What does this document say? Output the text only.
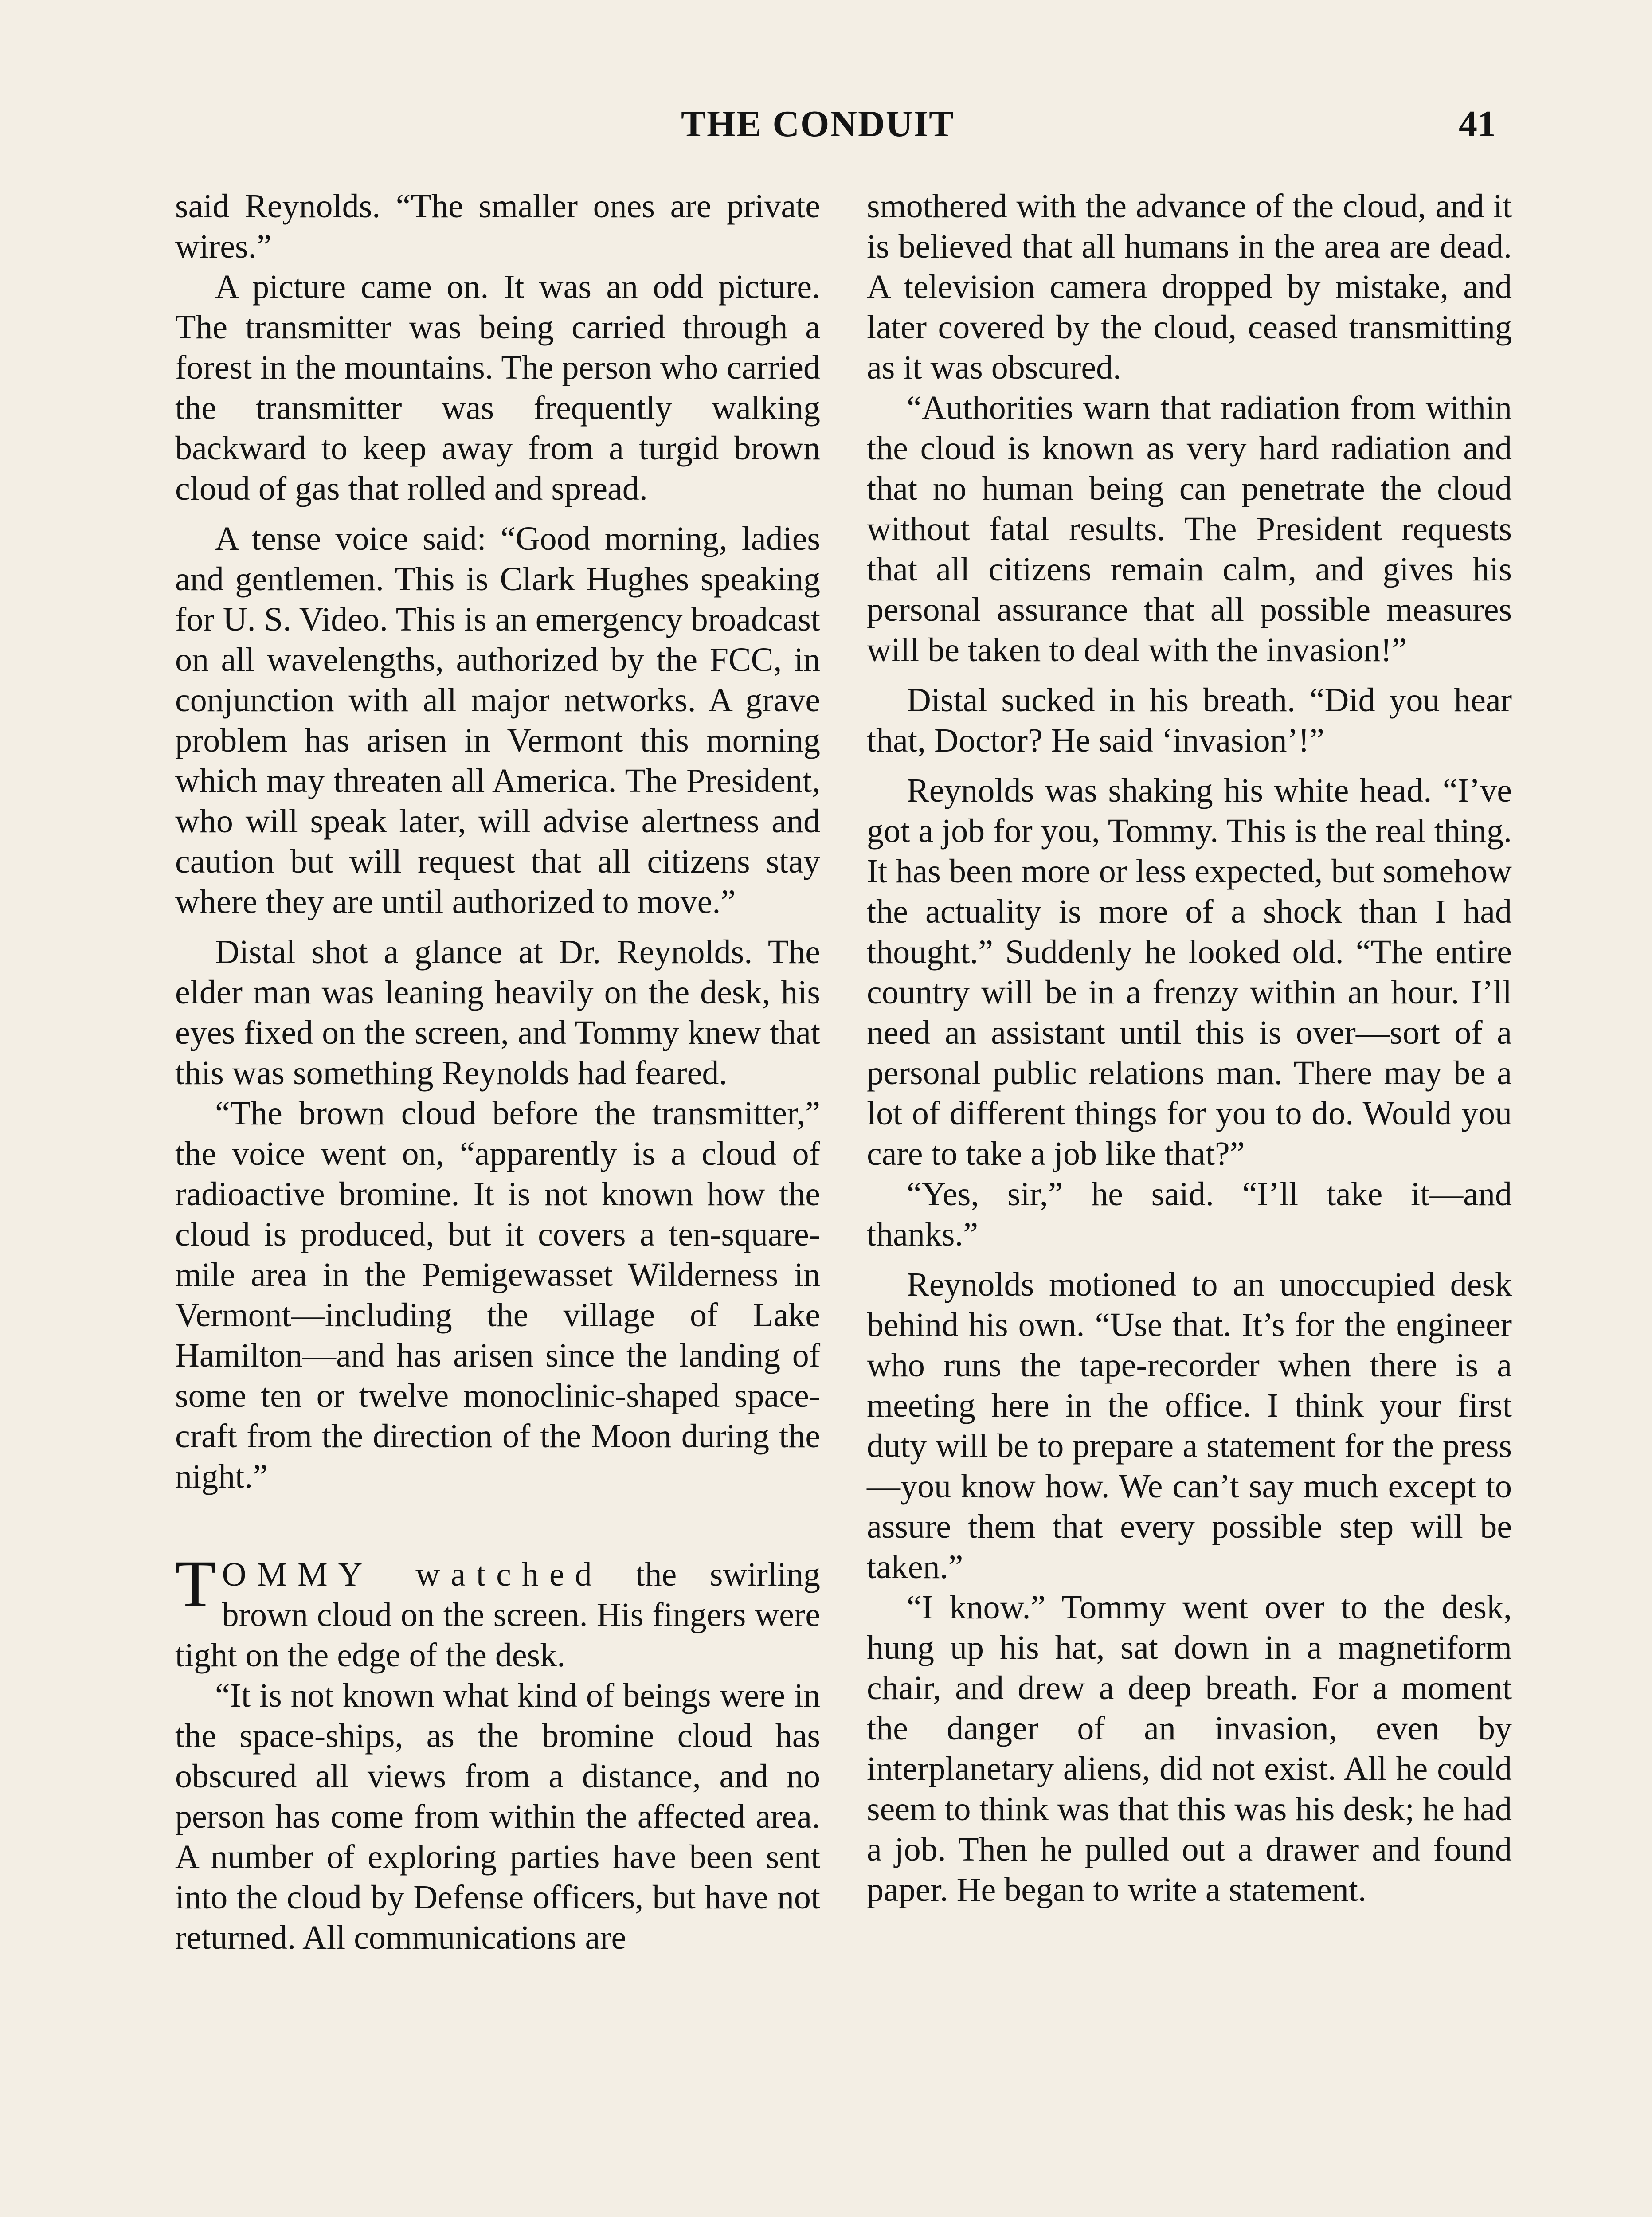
THE CONDUIT	41

said Reynolds. “The smaller ones are private wires.”

A picture came on. It was an odd picture. The transmitter was being carried through a forest in the mountains. The person who carried the transmitter was frequently walking backward to keep away from a turgid brown cloud of gas that rolled and spread.

A tense voice said: “Good morning, ladies and gentlemen. This is Clark Hughes speaking for U. S. Video. This is an emergency broadcast on all wavelengths, authorized by the FCC, in conjunction with all major networks. A grave problem has arisen in Vermont this morning which may threaten all America. The President, who will speak later, will advise alertness and caution but will request that all citizens stay where they are until authorized to move.”

Distal shot a glance at Dr. Reynolds. The elder man was leaning heavily on the desk, his eyes fixed on the screen, and Tommy knew that this was something Reynolds had feared.

“The brown cloud before the transmitter,” the voice went on, “apparently is a cloud of radioactive bromine. It is not known how the cloud is produced, but it covers a ten-square-mile area in the Pemigewasset Wilderness in Vermont—including the village of Lake Hamilton—and has arisen since the landing of some ten or twelve monoclinic-shaped space-craft from the direction of the Moon during the night.”

TOMMY watched the swirling brown cloud on the screen. His fingers were tight on the edge of the desk.

“It is not known what kind of beings were in the space-ships, as the bromine cloud has obscured all views from a distance, and no person has come from within the affected area. A number of exploring parties have been sent into the cloud by Defense officers, but have not returned. All communications are

smothered with the advance of the cloud, and it is believed that all humans in the area are dead. A television camera dropped by mistake, and later covered by the cloud, ceased transmitting as it was obscured.

“Authorities warn that radiation from within the cloud is known as very hard radiation and that no human being can penetrate the cloud without fatal results. The President requests that all citizens remain calm, and gives his personal assurance that all possible measures will be taken to deal with the invasion!”

Distal sucked in his breath. “Did you hear that, Doctor? He said ‘invasion’!”

Reynolds was shaking his white head. “I’ve got a job for you, Tommy. This is the real thing. It has been more or less expected, but somehow the actuality is more of a shock than I had thought.” Suddenly he looked old. “The entire country will be in a frenzy within an hour. I’ll need an assistant until this is over—sort of a personal public relations man. There may be a lot of different things for you to do. Would you care to take a job like that?”

“Yes, sir,” he said. “I’ll take it—and thanks.”

Reynolds motioned to an unoccupied desk behind his own. “Use that. It’s for the engineer who runs the tape-recorder when there is a meeting here in the office. I think your first duty will be to prepare a statement for the press—you know how. We can’t say much except to assure them that every possible step will be taken.”

“I know.” Tommy went over to the desk, hung up his hat, sat down in a magnetiform chair, and drew a deep breath. For a moment the danger of an invasion, even by interplanetary aliens, did not exist. All he could seem to think was that this was his desk; he had a job. Then he pulled out a drawer and found paper. He began to write a statement.
